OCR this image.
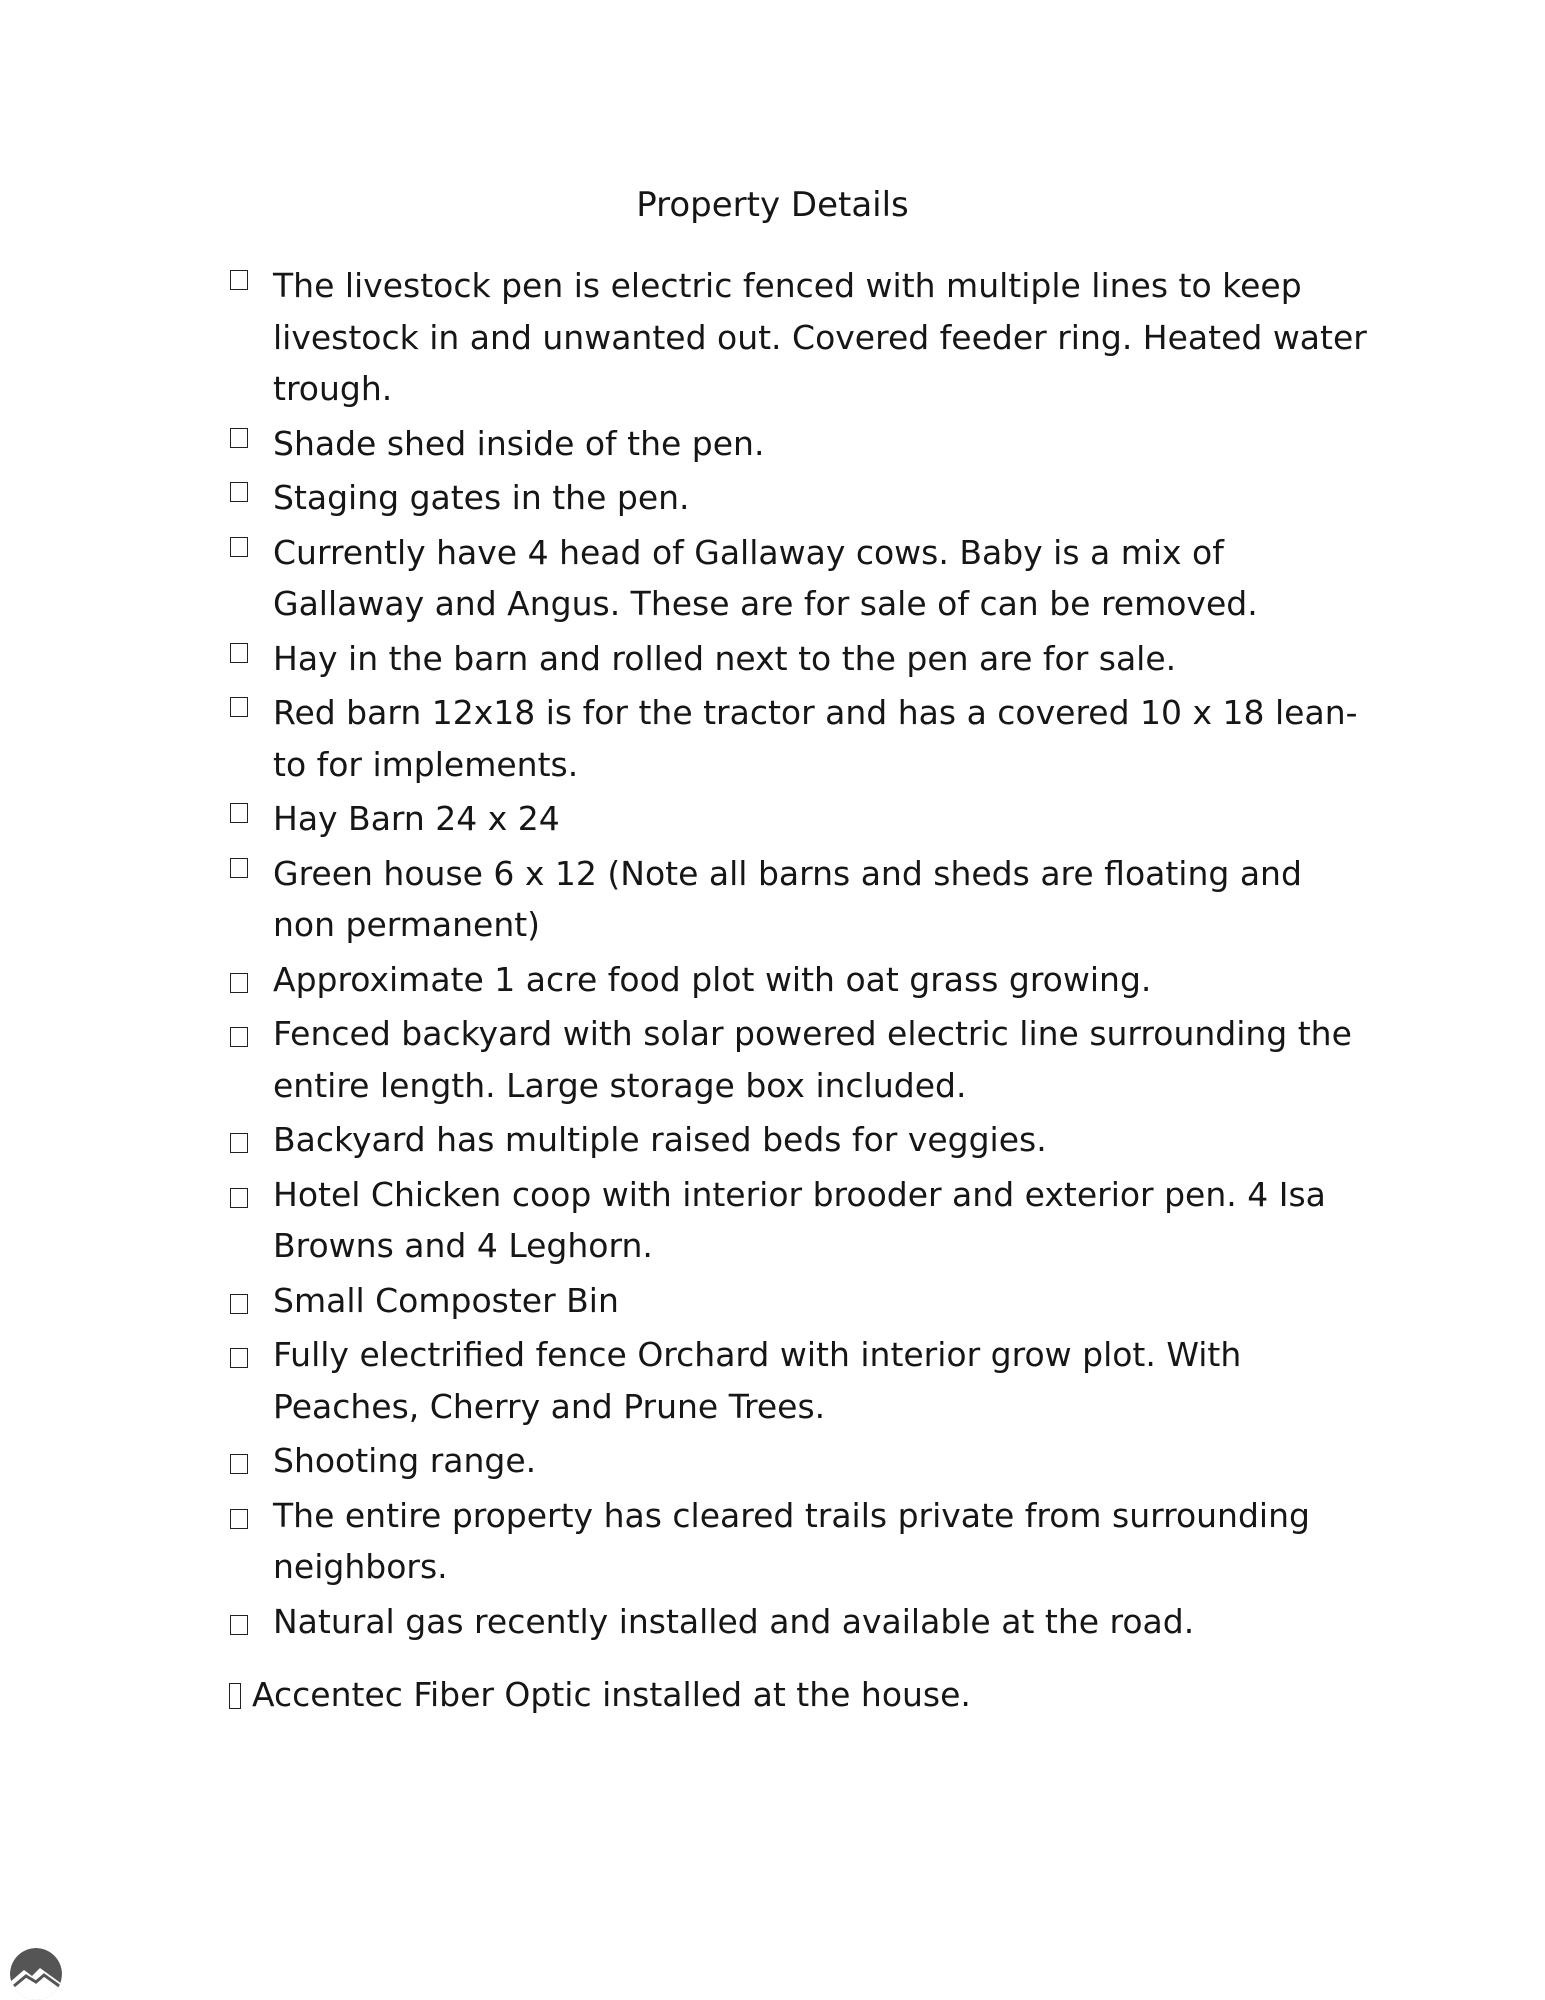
Property Details
The livestock pen is electric fenced with multiple lines to keep livestock in and unwanted out. Covered feeder ring. Heated water trough.
Shade shed inside of the pen.
Staging gates in the pen.
Currently have 4 head of Gallaway cows. Baby is a mix of Gallaway and Angus. These are for sale of can be removed.
Hay in the barn and rolled next to the pen are for sale.
Red barn 12x18 is for the tractor and has a covered 10 x 18 lean-to for implements.
Hay Barn 24 x 24
Green house 6 x 12 (Note all barns and sheds are floating and non permanent)
Approximate 1 acre food plot with oat grass growing.
Fenced backyard with solar powered electric line surrounding the entire length. Large storage box included.
Backyard has multiple raised beds for veggies.
Hotel Chicken coop with interior brooder and exterior pen. 4 Isa Browns and 4 Leghorn.
Small Composter Bin
Fully electrified fence Orchard with interior grow plot. With Peaches, Cherry and Prune Trees.
Shooting range.
The entire property has cleared trails private from surrounding neighbors.
Natural gas recently installed and available at the road.
Accentec Fiber Optic installed at the house.
